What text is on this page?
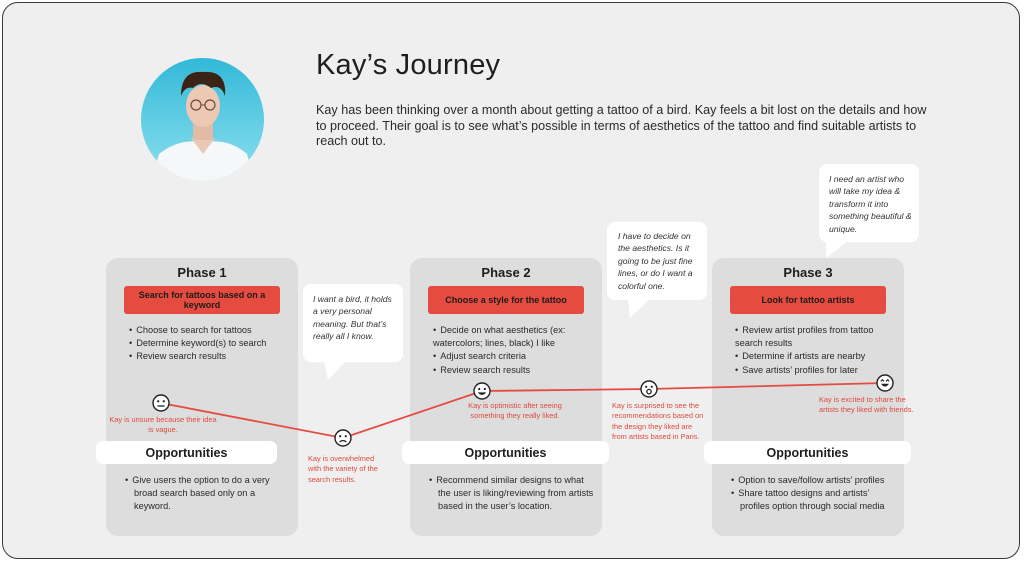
Kay’s Journey
Kay has been thinking over a month about getting a tattoo of a bird. Kay feels a bit lost on the details and how to proceed. Their goal is to see what’s possible in terms of aesthetics of the tattoo and find suitable artists to reach out to.
Phase 1
Search for tattoos based on a keyword
• Choose to search for tattoos
• Determine keyword(s) to search
• Review search results
• Give users the option to do a very broad search based only on a keyword.
Phase 2
Choose a style for the tattoo
• Decide on what aesthetics (ex: watercolors; lines, black) I like
• Adjust search criteria
• Review search results
• Recommend similar designs to what the user is liking/reviewing from artists based in the user’s location.
Phase 3
Look for tattoo artists
• Review artist profiles from tattoo search results
• Determine if artists are nearby
• Save artists’ profiles for later
• Option to save/follow artists’ profiles
• Share tattoo designs and artists’ profiles option through social media
Opportunities	Opportunities	Opportunities
I want a bird, it holds a very personal meaning. But that’s really all I know.
I have to decide on the aesthetics. Is it going to be just fine lines, or do I want a colorful one.
I need an artist who will take my idea & transform it into something beautiful & unique.
Kay is unsure because their idea is vague.
Kay is overwhelmed with the variety of the search results.
Kay is optimistic after seeing something they really liked.
Kay is surprised to see the recommendations based on the design they liked are from artists based in Paris.
Kay is excited to share the artists they liked with friends.
